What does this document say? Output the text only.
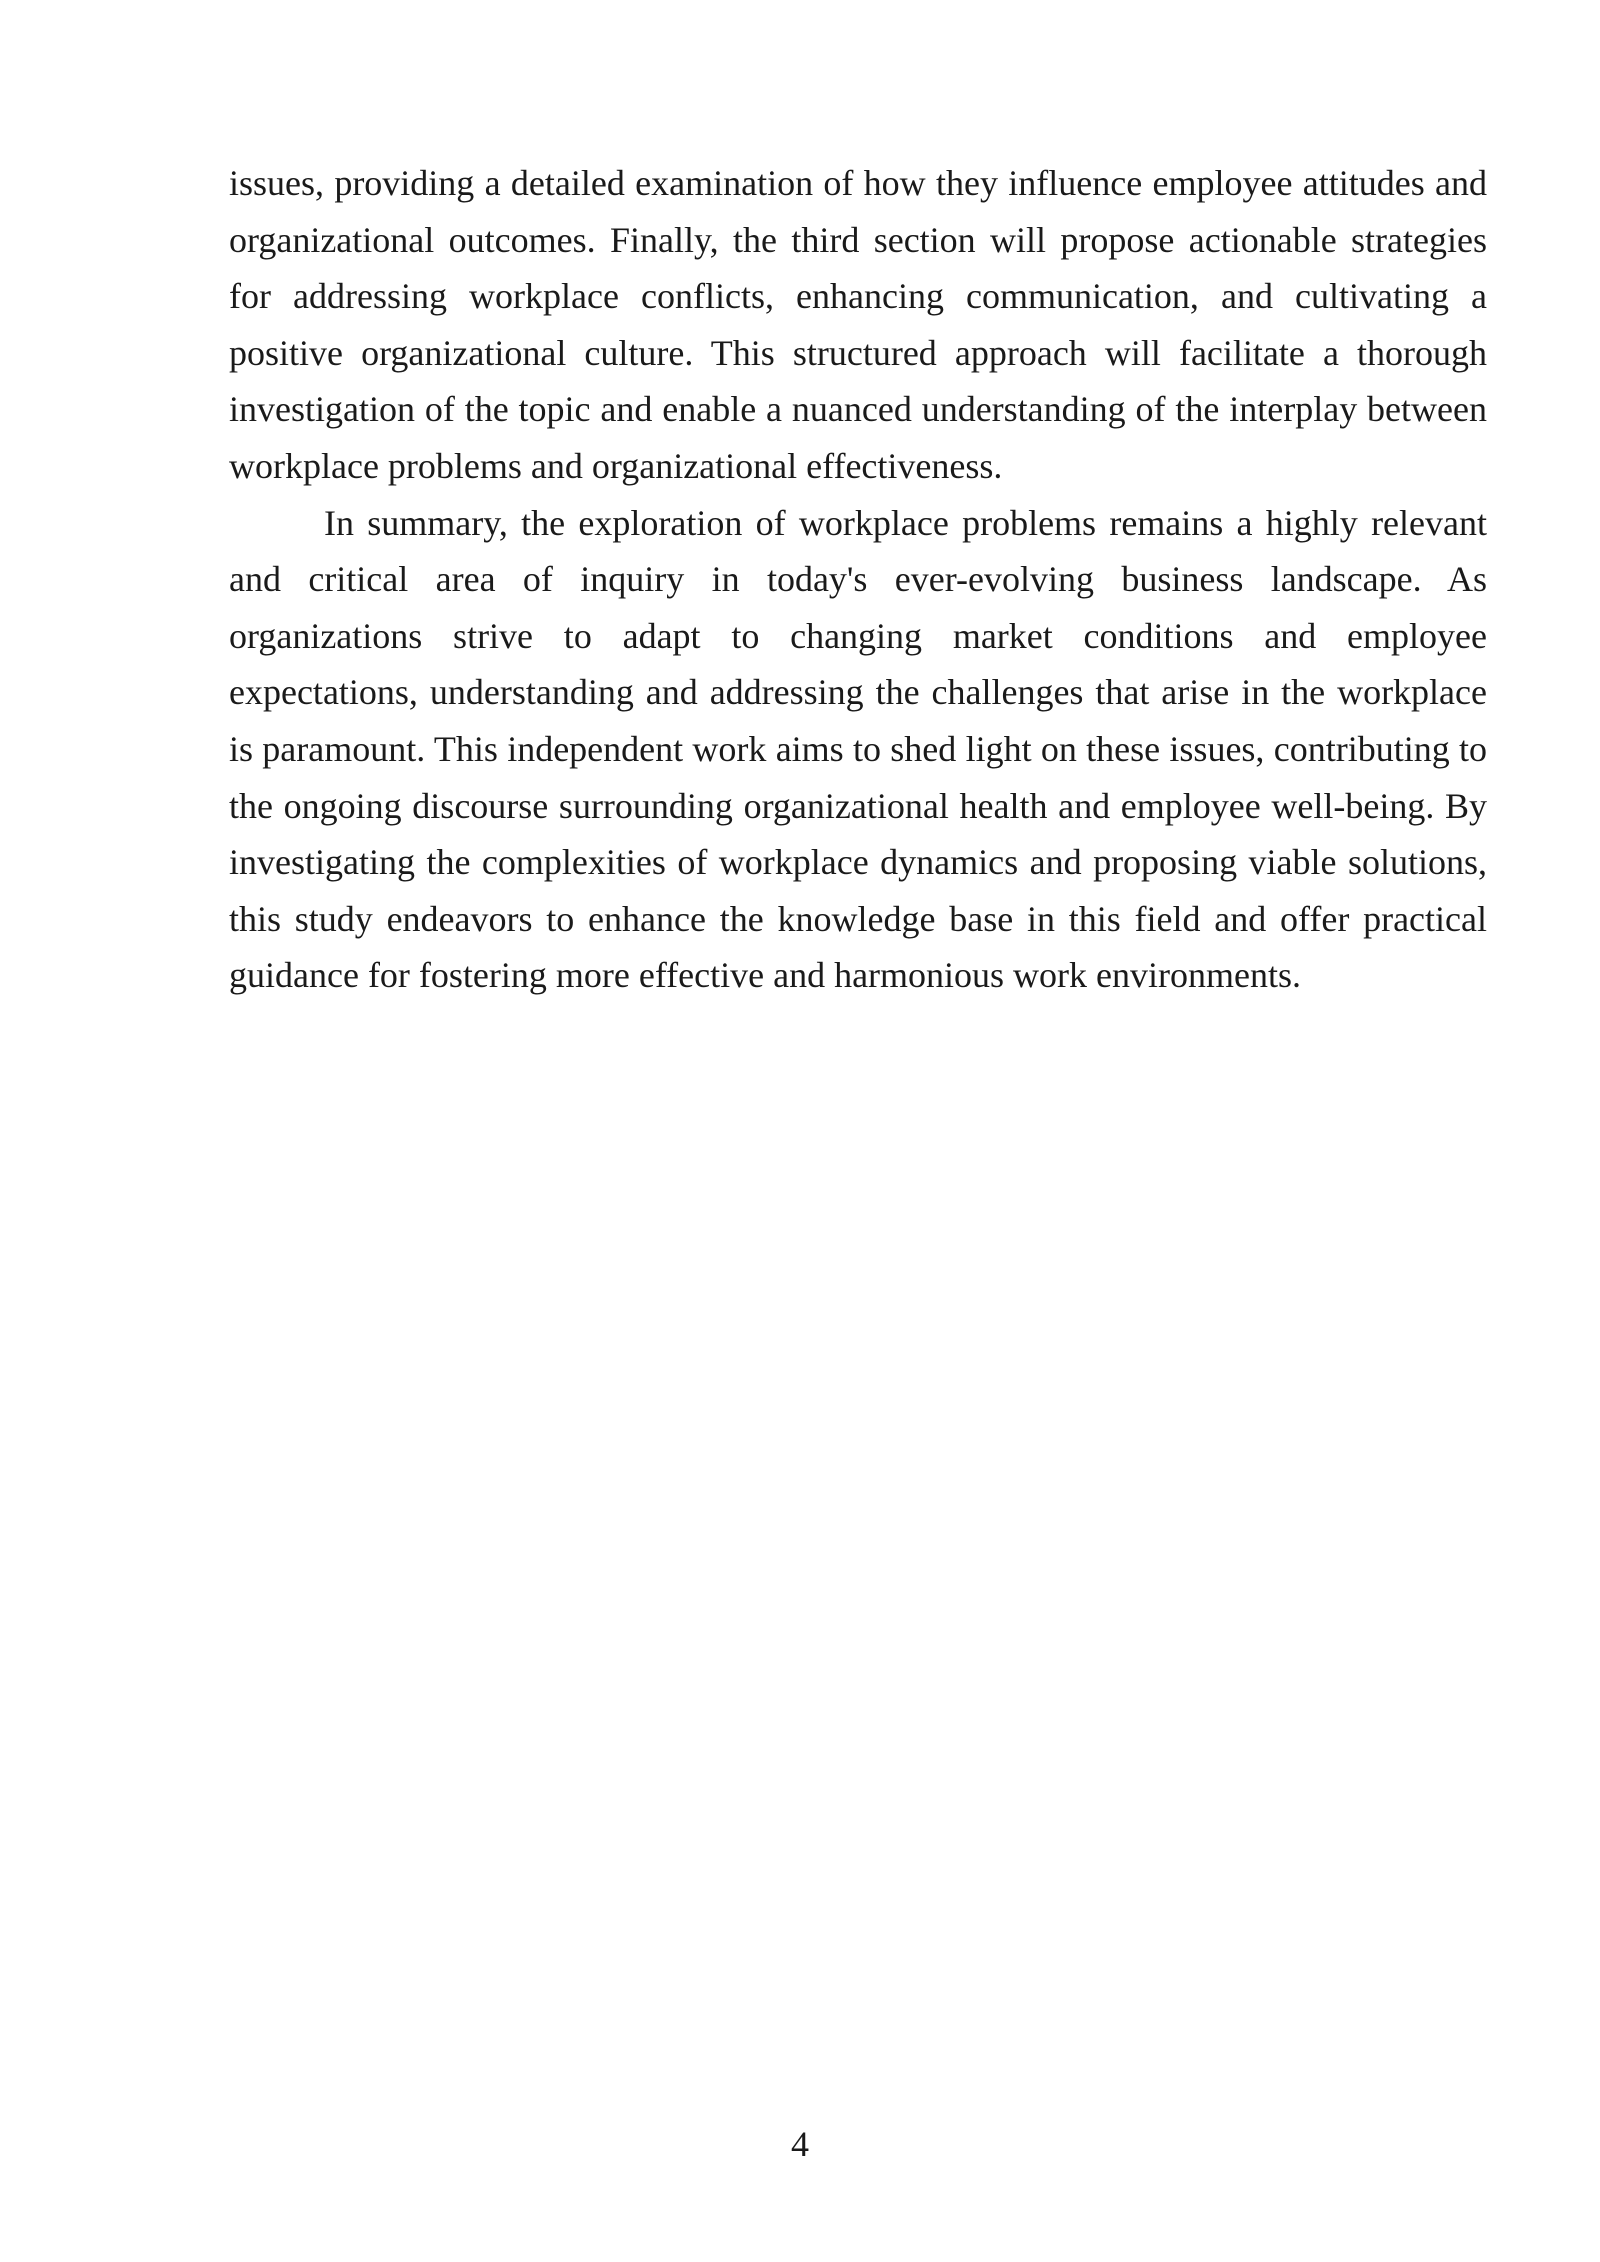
issues, providing a detailed examination of how they influence employee attitudes and organizational outcomes. Finally, the third section will propose actionable strategies for addressing workplace conflicts, enhancing communication, and cultivating a positive organizational culture. This structured approach will facilitate a thorough investigation of the topic and enable a nuanced understanding of the interplay between workplace problems and organizational effectiveness.

In summary, the exploration of workplace problems remains a highly relevant and critical area of inquiry in today's ever-evolving business landscape. As organizations strive to adapt to changing market conditions and employee expectations, understanding and addressing the challenges that arise in the workplace is paramount. This independent work aims to shed light on these issues, contributing to the ongoing discourse surrounding organizational health and employee well-being. By investigating the complexities of workplace dynamics and proposing viable solutions, this study endeavors to enhance the knowledge base in this field and offer practical guidance for fostering more effective and harmonious work environments.

4
